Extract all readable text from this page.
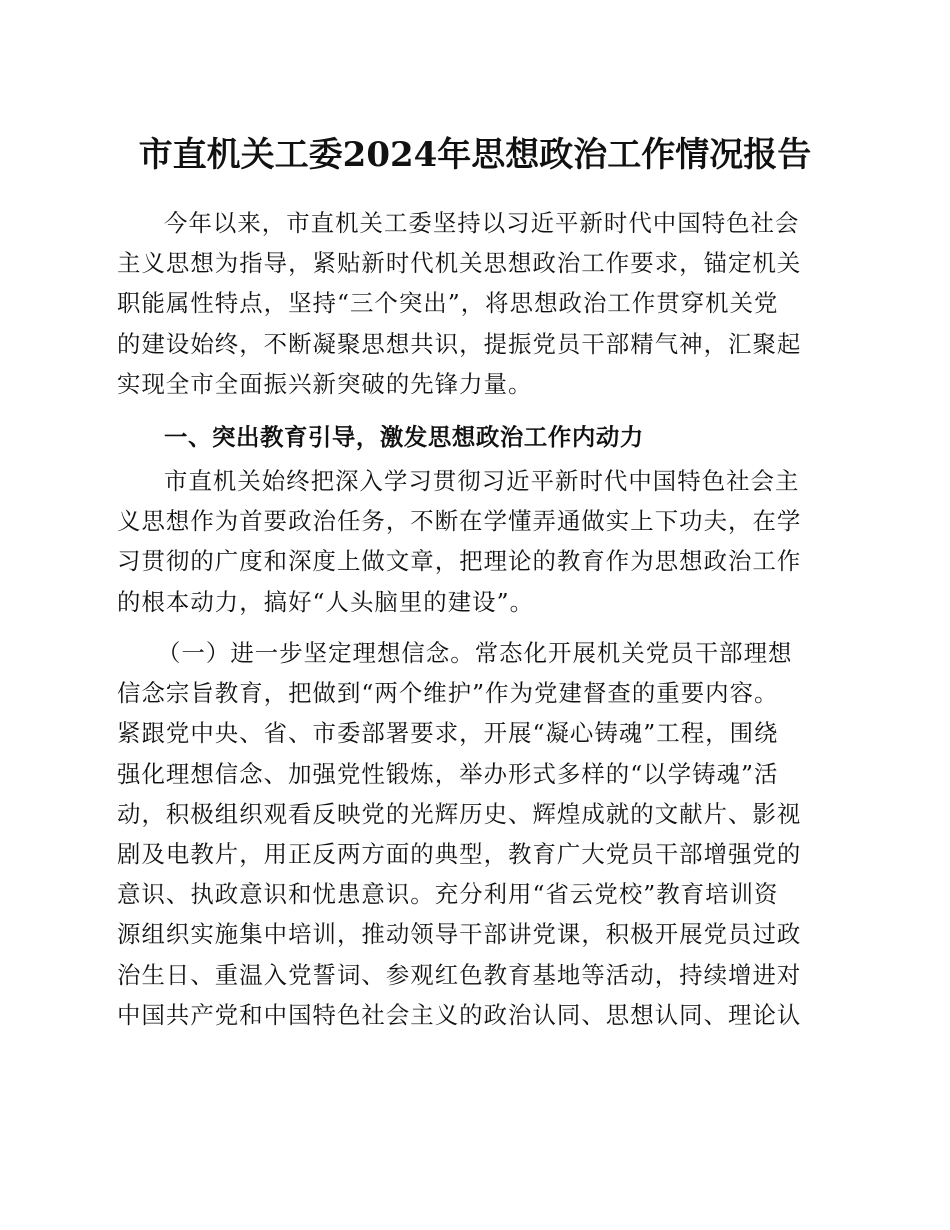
市直机关工委2024年思想政治工作情况报告
今年以来，市直机关工委坚持以习近平新时代中国特色社会
主义思想为指导，紧贴新时代机关思想政治工作要求，锚定机关
职能属性特点，坚持“三个突出”，将思想政治工作贯穿机关党
的建设始终，不断凝聚思想共识，提振党员干部精气神，汇聚起
实现全市全面振兴新突破的先锋力量。
一、突出教育引导，激发思想政治工作内动力
市直机关始终把深入学习贯彻习近平新时代中国特色社会主
义思想作为首要政治任务，不断在学懂弄通做实上下功夫，在学
习贯彻的广度和深度上做文章，把理论的教育作为思想政治工作
的根本动力，搞好“人头脑里的建设”。
（一）进一步坚定理想信念。常态化开展机关党员干部理想
信念宗旨教育，把做到“两个维护”作为党建督查的重要内容。
紧跟党中央、省、市委部署要求，开展“凝心铸魂”工程，围绕
强化理想信念、加强党性锻炼，举办形式多样的“以学铸魂”活
动，积极组织观看反映党的光辉历史、辉煌成就的文献片、影视
剧及电教片，用正反两方面的典型，教育广大党员干部增强党的
意识、执政意识和忧患意识。充分利用“省云党校”教育培训资
源组织实施集中培训，推动领导干部讲党课，积极开展党员过政
治生日、重温入党誓词、参观红色教育基地等活动，持续增进对
中国共产党和中国特色社会主义的政治认同、思想认同、理论认
